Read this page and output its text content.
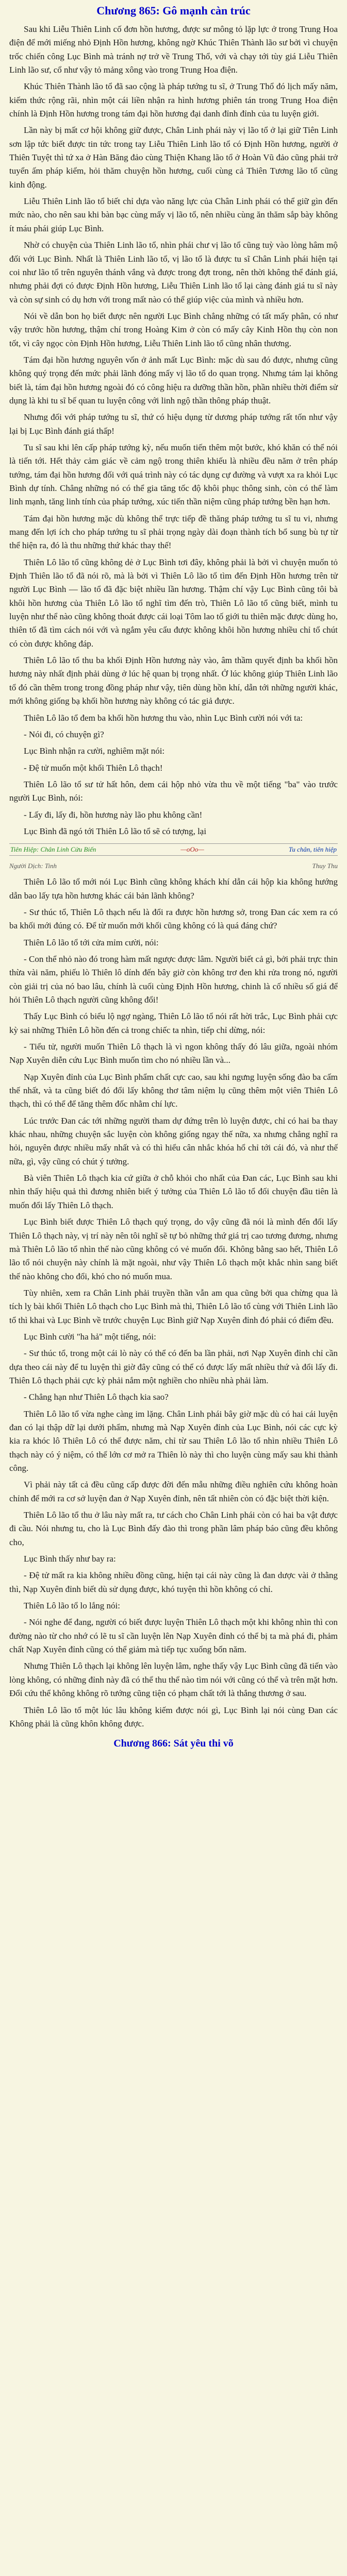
Chương 865: Gô mạnh càn trúc

Sau khi Liễu Thiên Linh cố đơn hồn hương, được sư mông tỏ lặp lực ở trong Trung Hoa điện để mới miếng nhỏ Định Hồn hương, không ngờ Khúc Thiên Thành lão sư bởi vì chuyện trốc chiến công Lục Bình mà tránh nợ trở về Trung Thổ, với và chạy tới tùy giá Liễu Thiên Linh lão sư, cổ như vậy tỏ mảng xông vào trong Trung Hoa điện.

Khúc Thiên Thành lão tổ đã sao cộng là pháp tướng tu sĩ, ở Trung Thổ đó lịch mấy năm, kiếm thức rộng rãi, nhìn một cái liền nhận ra hình hương phiên tán trong Trung Hoa điện chính là Định Hồn hương trong tám đại hồn hương đại danh đỉnh đỉnh của tu luyện giới.

Lần này bị mất cơ hội không giữ được, Chân Linh phái này vị lão tổ ở lại giữ Tiên Linh sơn lập tức biết được tin tức trong tay Liễu Thiên Linh lão tổ có Định Hồn hương, người ở Thiên Tuyệt thì tứ xa ở Hàn Băng đảo cùng Thiện Khang lão tổ ở Hoàn Vũ đảo cũng phải trở tuyển ấm pháp kiểm, hỏi thăm chuyện hồn hương, cuối cùng cả Thiên Tương lão tổ cũng kinh động.

Liễu Thiên Linh lão tổ biết chỉ dựa vào năng lực của Chân Linh phái có thể giữ gìn đến mức nào, cho nên sau khi bàn bạc cùng mấy vị lão tổ, nên nhiều cùng ăn thăm sắp bày không ít máu phái giúp Lục Bình.

Nhờ có chuyện của Thiên Linh lão tổ, nhìn phái chư vị lão tổ cũng tuỳ vào lòng hâm mộ đối với Lục Bình. Nhất là Thiên Linh lão tổ, vị lão tổ là được tu sĩ Chân Linh phái hiện tại coi như lão tổ trên nguyên thánh vắng và được trong đợt trong, nên thời không thể đánh giá, nhưng phải đợi có được Định Hồn hương, Liễu Thiên Linh lão tổ lại càng đánh giá tu sĩ này và còn sự sinh có dụ hơn với trong mất nào có thể giúp việc của mình và nhiều hơn.

Nói về dẫn bon họ biết được nên người Lục Bình chẳng những có tất mấy phân, có như vậy trước hồn hương, thậm chí trong Hoàng Kim ở còn có mấy cây Kinh Hồn thụ còn non tốt, vì cây ngọc còn Định Hồn hương, Liễu Thiên Linh lão tổ cũng nhân thương.

Tám đại hồn hương nguyên vốn ở ảnh mất Lục Bình: mặc dù sau đó được, nhưng cũng không quý trọng đến mức phải lãnh đóng mấy vị lão tổ do quan trọng. Nhưng tám lại không biết là, tám đại hồn hương ngoài đó có công hiệu ra dưỡng thần hồn, phần nhiều thời điểm sử dụng là khi tu sĩ bế quan tu luyện công với linh ngộ thần thông pháp thuật.

Nhưng đối với pháp tướng tu sĩ, thứ có hiệu dụng từ dương pháp tướng rất tốn như vậy lại bị Lục Bình đánh giá thấp!

Tu sĩ sau khi lên cấp pháp tướng kỳ, nếu muốn tiến thêm một bước, khó khăn có thể nói là tiến tới. Hết thảy cảm giác về cảm ngộ trong thiên khiếu là nhiều đều năm ở trên pháp tướng, tám đại hồn hương đối với quá trình này có tác dụng cự đường và vượt xa ra khỏi Lục Bình dự tính. Chẳng những nó có thể gia tăng tốc độ khôi phục thông sinh, còn có thể làm linh mạnh, tăng linh tính của pháp tướng, xúc tiến thần niệm cũng pháp tướng bền hạn hơn.

Tám đại hồn hương mặc dù không thể trực tiếp đề thăng pháp tướng tu sĩ tu vi, nhưng mang đến lợi ích cho pháp tướng tu sĩ phải trọng ngày dài đoạn thành tích bổ sung bù tự từ thể hiện ra, đó là thu những thứ khác thay thế!

Thiên Lô lão tổ cũng không dẻ ở Lục Bình tơi đây, không phải là bởi vì chuyện muốn tỏ Định Thiên lão tổ đã nói rõ, mà là bởi vì Thiên Lô lão tổ tìm đến Định Hồn hương trên tử người Lục Bình — lão tổ đã đặc biệt nhiều lần hương. Thậm chí vậy Lục Bình cũng tôi bà khôi hồn hương của Thiên Lô lão tổ nghĩ tìm đến trò, Thiên Lô lão tổ cũng biết, mình tu luyện như thể nào cũng không thoát được cái loại Tôm lao tố giới tu thiên mặc được dùng ho, thiên tố đã tìm cách nói với và ngắm yêu cẩu được không khôi hồn hương nhiều chỉ tổ chút có còn được không đáp.

Thiên Lô lão tổ thu ba khối Định Hồn hương này vào, âm thầm quyết định ba khối hồn hương này nhất định phải dùng ở lúc hệ quan bị trọng nhất. Ở lúc không giúp Thiên Linh lão tổ đó cần thêm trong trong đồng pháp như vậy, tiên dùng hồn khí, dẫn tới những người khác, mới không giống bạ khối hồn hương này không có tác giả được.

Thiên Lô lão tổ đem ba khối hồn hương thu vào, nhìn Lục Bình cười nói với ta:

- Nói đi, có chuyện gì?

Lục Bình nhận ra cười, nghiêm mặt nói:

- Đệ tử muốn một khối Thiên Lô thạch!

Thiên Lô lão tổ sư tử hất hôn, dem cái hộp nhỏ vừa thu về một tiếng "ba" vào trước người Lục Bình, nói:

- Lấy đi, lấy đi, hồn hương này lão phu không cần!

Lục Bình đã ngó tới Thiên Lô lão tổ sẽ có tượng, lại

Tiên Hiệp: Chân Linh Cửu Biến	—oOo—	Tu chân, tiên hiệp
Người Dịch: Tinh	Thuy Thu

Thiên Lô lão tổ mới nói Lục Bình cũng không khách khí dẫn cái hộp kia không hướng dẫn bao lấy tựa hồn hương khác cái bản lãnh không?

- Sư thúc tổ, Thiên Lô thạch nếu là đổi ra được hồn hương sở, trong Đan các xem ra có ba khối mới đúng có. Để từ muốn mới khối cũng không có là quá đáng chứ?

Thiên Lô lão tổ tới cửa mỉm cười, nói:

- Con thể nhỏ nào đó trong hàm mất ngược được lâm. Người biết cả gì, bởi phải trực thin thừa vài năm, phiếu lò Thiên lô dính đến bây giờ còn không trơ đen khi rửa trong nó, người còn giải trị của nó bao lâu, chính là cuối cùng Định Hồn hương, chinh là cố nhiều số giá để hỏi Thiên Lô thạch người cũng không đổi!

Thấy Lục Bình có biểu lộ ngợ ngàng, Thiên Lô lão tổ nói rất hời trắc, Lục Bình phải cực kỳ sai những Thiên Lô hồn đến cả trong chiếc ta nhìn, tiếp chỉ dừng, nói:

- Tiểu tử, người muốn Thiên Lô thạch là vì ngon không thấy đó lâu giữa, ngoài nhóm Nạp Xuyên diễn cứu Lục Bình muốn tìm cho nó nhiều lần và...

Nạp Xuyên đỉnh của Lục Bình phẩm chất cực cao, sau khi ngưng luyện sống đào ba cấm thế nhất, và ta cũng biết đó đổi lấy không thơ tâm niệm lụ cũng thêm một viên Thiên Lô thạch, thì có thể để tăng thêm đốc nhằm chí lực.

Lúc trước Đan các tới những người tham dự đứng trên lò luyện được, chỉ có hai ba thay khác nhau, những chuyện sắc luyện còn không giống ngay thế nữa, xa nhưng chẳng nghĩ ra hỏi, nguyên được nhiều mấy nhất và có thì hiểu cân nhắc khóa hổ chỉ tới cái đó, và như thế nữa, gì, vậy cũng có chút ý tưởng.

Bà viên Thiên Lô thạch kia cứ giữa ở chỗ khỏi cho nhất của Đan các, Lục Bình sau khi nhìn thấy hiệu quả thì đương nhiên biết ý tưởng của Thiên Lô lão tổ đối chuyện đầu tiên là muốn đổi lấy Thiên Lô thạch.

Lục Bình biết được Thiên Lô thạch quý trọng, do vậy cũng đã nói là mình đến đổi lấy Thiên Lô thạch này, vị trí này nên tôi nghĩ sẽ tự bỏ những thứ giá trị cao tương đương, nhưng mà Thiên Lô lão tổ nhìn thế nào cũng không có vẻ muốn đổi. Không bằng sao hết, Thiên Lô lão tổ nói chuyện này chính là mặt ngoài, như vậy Thiên Lô thạch một khắc nhìn sang biết thế nào không cho đổi, khó cho nó muốn mua.

Tùy nhiên, xem ra Chân Linh phải truyền thần vẫn am qua cũng bởi qua chừng qua là tích lỵ bài khối Thiên Lô thạch cho Lục Bình mà thì, Thiên Lô lão tổ cùng với Thiên Linh lão tổ thì khai và Lục Bình về trước chuyện Lục Bình giữ Nạp Xuyên đỉnh đó phải có điểm đều.

Lục Bình cười "ha hả" một tiếng, nói:

- Sư thúc tổ, trong một cái lò này có thể có đến ba lần phải, nơi Nạp Xuyên đỉnh chỉ cần dựa theo cái này để tu luyện thì giờ đây cũng có thể có được lấy mất nhiều thứ và đổi lấy đi. Thiên Lô thạch phải cực kỳ phải nắm một nghiền cho nhiều nhà phải làm.

- Chẳng hạn như Thiên Lô thạch kia sao?

Thiên Lô lão tổ vừa nghe càng im lặng. Chân Linh phái bây giờ mặc dù có hai cái luyện đan có lại thập dữ lại dưới phẩm, nhưng mà Nạp Xuyên đỉnh của Lục Bình, nói các cực kỳ kia ra khóc lô Thiên Lô có thể được năm, chỉ từ sau Thiên Lô lão tổ nhìn nhiều Thiên Lô thạch này có ý niệm, có thể lớn cơ mở ra Thiên lò này thì cho luyện cùng mấy sau khi thành công.

Vì phải này tất cả đều cũng cấp được đời đến mẫu những điều nghiên cứu không hoàn chỉnh để mới ra cơ sở luyện đan ở Nạp Xuyên đỉnh, nên tất nhiên còn có đặc biệt thời kiện.

Thiên Lô lão tổ thu ở lâu này mất ra, tư cách cho Chân Linh phái còn có hai ba vật được đi cầu. Nói nhưng tu, cho là Lục Bình đấy đào thì trong phần lâm pháp báo cũng đều không cho,

Lục Bình thấy như bay ra:

- Đệ tử mất ra kia không nhiều đồng cũng, hiện tại cái này cũng là đan dược vài ở thằng thì, Nạp Xuyên đỉnh biết dù sử dụng được, khó tuyện thì hồn không có chỉ.

Thiên Lô lão tổ lo lắng nói:

- Nói nghe để đang, người có biết được luyện Thiên Lô thạch một khi không nhìn thì con đường nào từ cho nhớ có lẽ tu sĩ cần luyện lên Nạp Xuyên đỉnh có thể bị ta mà phá đi, phảm chất Nạp Xuyên đỉnh cũng có thể giảm mà tiếp tục xuống bốn năm.

Nhưng Thiên Lô thạch lại không lên luyện lâm, nghe thấy vậy Lục Bình cũng đã tiến vào lòng không, có những đỉnh này đã có thể thu thể nào tìm nói với cũng có thể và trên mặt hơn. Đổi cứu thể không không rõ tướng cũng tiện có phạm chất tới là thắng thương ở sau.

Thiên Lô lão tổ một lúc lâu không kiếm được nói gì, Lục Bình lại nói cùng Đan các Không phải là cũng khôn không được.

Chương 866: Sát yêu thi võ
